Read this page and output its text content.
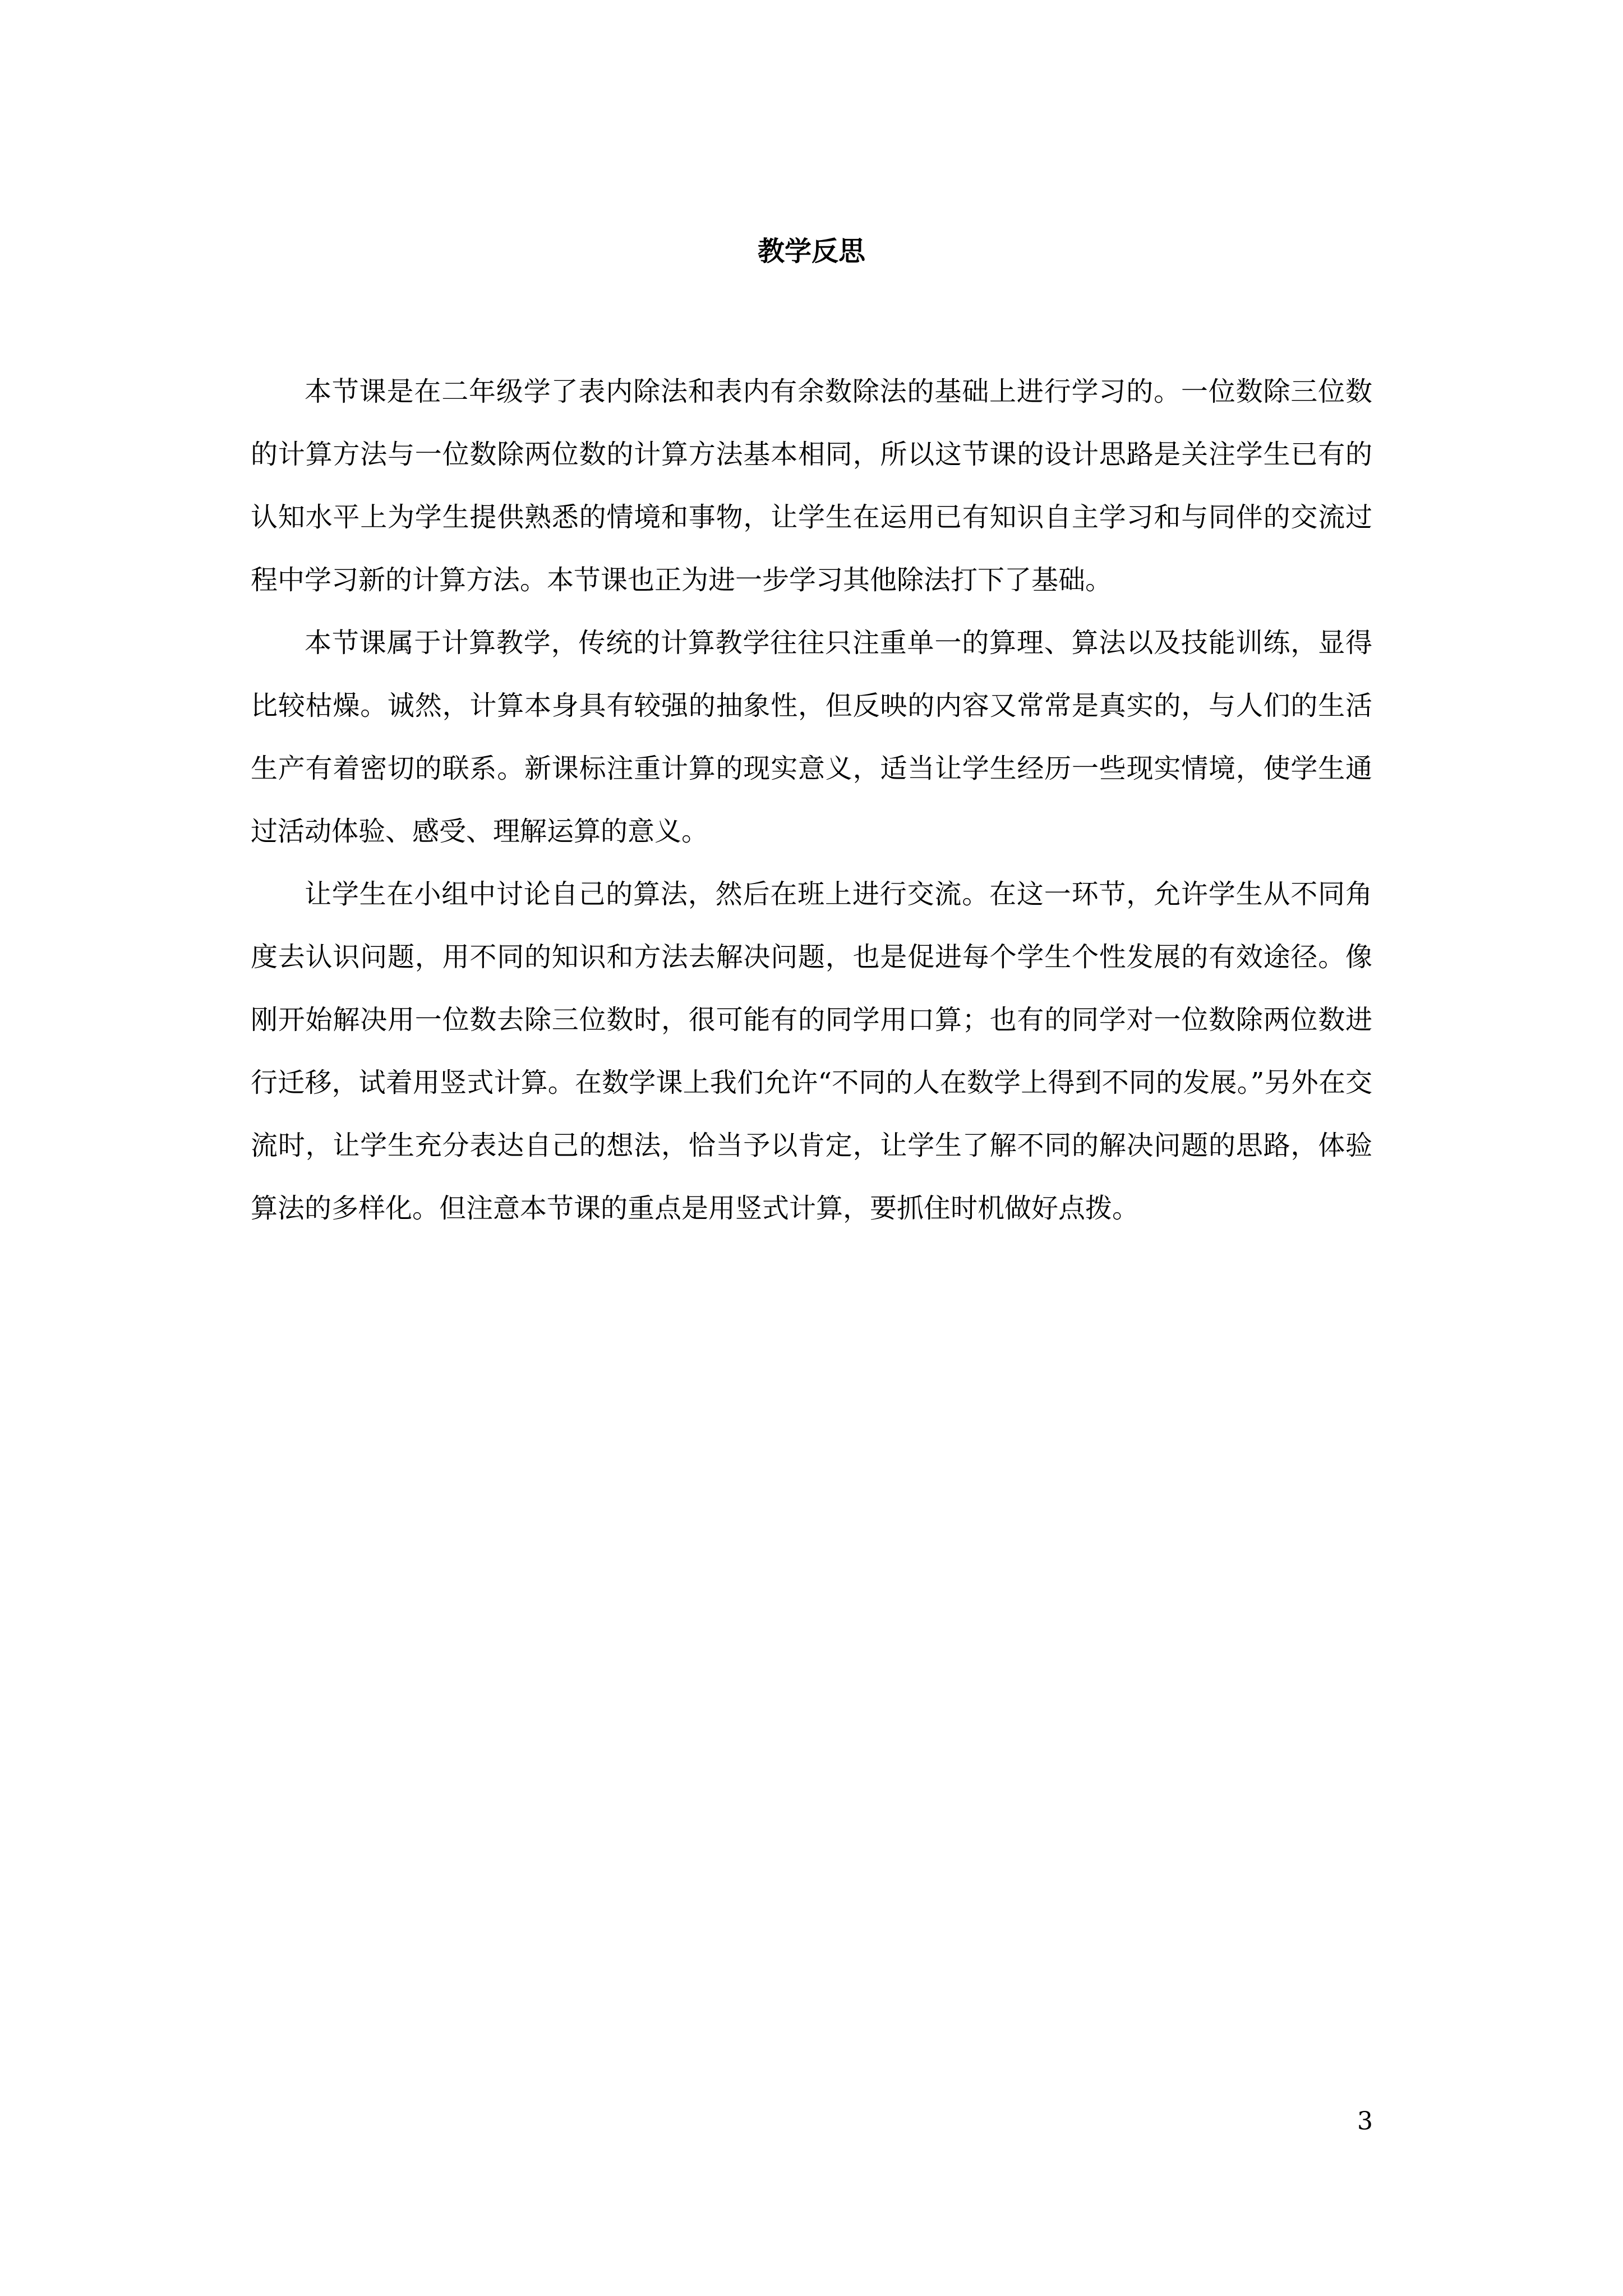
教学反思

本节课是在二年级学了表内除法和表内有余数除法的基础上进行学习的。一位数除三位数的计算方法与一位数除两位数的计算方法基本相同，所以这节课的设计思路是关注学生已有的认知水平上为学生提供熟悉的情境和事物，让学生在运用已有知识自主学习和与同伴的交流过程中学习新的计算方法。本节课也正为进一步学习其他除法打下了基础。

本节课属于计算教学，传统的计算教学往往只注重单一的算理、算法以及技能训练，显得比较枯燥。诚然，计算本身具有较强的抽象性，但反映的内容又常常是真实的，与人们的生活生产有着密切的联系。新课标注重计算的现实意义，适当让学生经历一些现实情境，使学生通过活动体验、感受、理解运算的意义。

让学生在小组中讨论自己的算法，然后在班上进行交流。在这一环节，允许学生从不同角度去认识问题，用不同的知识和方法去解决问题，也是促进每个学生个性发展的有效途径。像刚开始解决用一位数去除三位数时，很可能有的同学用口算；也有的同学对一位数除两位数进行迁移，试着用竖式计算。在数学课上我们允许“不同的人在数学上得到不同的发展。”另外在交流时，让学生充分表达自己的想法，恰当予以肯定，让学生了解不同的解决问题的思路，体验算法的多样化。但注意本节课的重点是用竖式计算，要抓住时机做好点拨。

3
